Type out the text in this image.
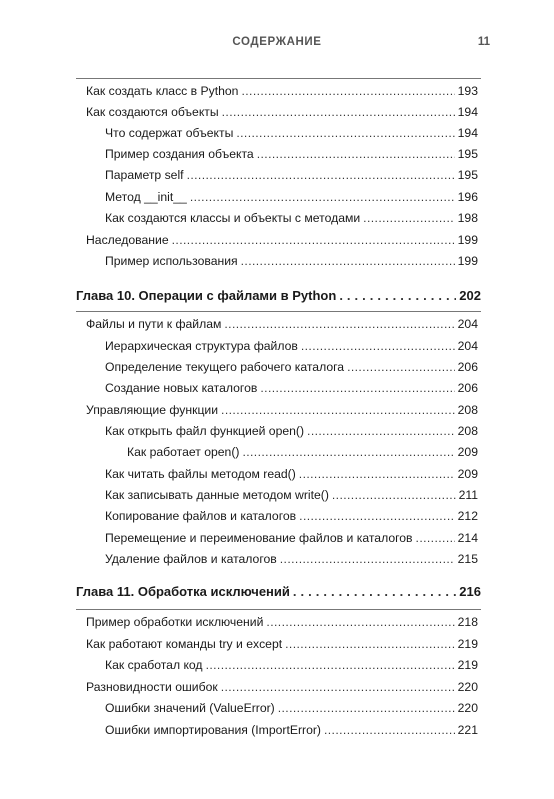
СОДЕРЖАНИЕ	11
Как создать класс в Python .....	193
Как создаются объекты .....	194
Что содержат объекты .....	194
Пример создания объекта .....	195
Параметр self .....	195
Метод __init__ .....	196
Как создаются классы и объекты с методами .....	198
Наследование .....	199
Пример использования .....	199
Глава 10. Операции с файлами в Python . . .	202
Файлы и пути к файлам .....	204
Иерархическая структура файлов .....	204
Определение текущего рабочего каталога .....	206
Создание новых каталогов .....	206
Управляющие функции .....	208
Как открыть файл функцией open() .....	208
Как работает open() .....	209
Как читать файлы методом read() .....	209
Как записывать данные методом write() .....	211
Копирование файлов и каталогов .....	212
Перемещение и переименование файлов и каталогов .....	214
Удаление файлов и каталогов .....	215
Глава 11. Обработка исключений . . .	216
Пример обработки исключений .....	218
Как работают команды try и except .....	219
Как сработал код .....	219
Разновидности ошибок .....	220
Ошибки значений (ValueError) .....	220
Ошибки импортирования (ImportError) .....	221
